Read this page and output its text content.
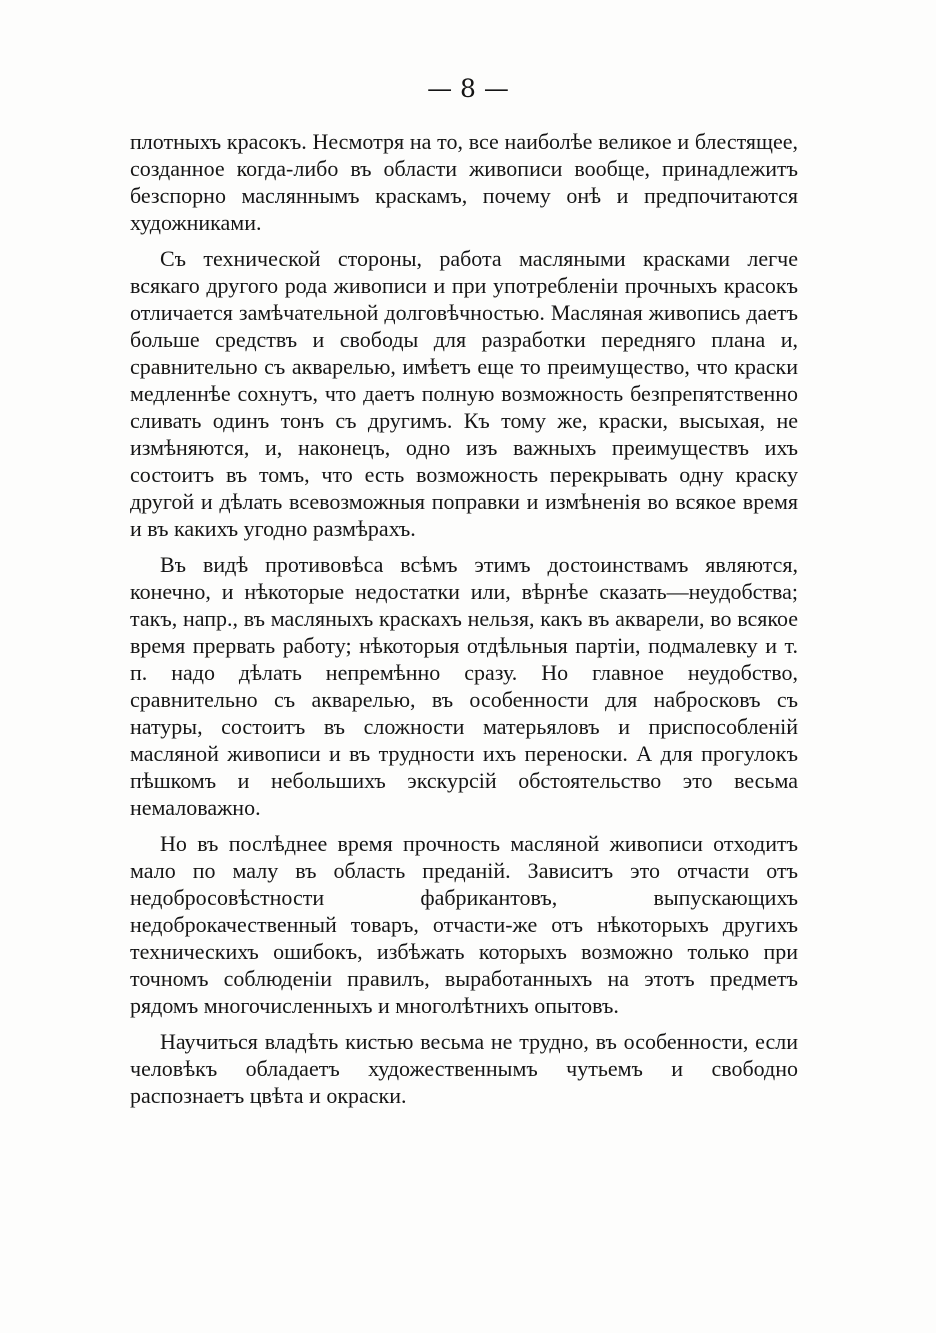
— 8 —

плотныхъ красокъ. Несмотря на то, все наиболѣе великое и блестящее, созданное когда-либо въ области живописи вообще, принадлежитъ безспорно масляннымъ краскамъ, почему онѣ и предпочитаются художниками.

Съ технической стороны, работа масляными красками легче всякаго другого рода живописи и при употребленіи прочныхъ красокъ отличается замѣчательной долговѣчностью. Масляная живопись даетъ больше средствъ и свободы для разработки передняго плана и, сравнительно съ акварелью, имѣетъ еще то преимущество, что краски медленнѣе сохнутъ, что даетъ полную возможность безпрепятственно сливать одинъ тонъ съ другимъ. Къ тому же, краски, высыхая, не измѣняются, и, наконецъ, одно изъ важныхъ преимуществъ ихъ состоитъ въ томъ, что есть возможность перекрывать одну краску другой и дѣлать всевозможныя поправки и измѣненія во всякое время и въ какихъ угодно размѣрахъ.

Въ видѣ противовѣса всѣмъ этимъ достоинствамъ являются, конечно, и нѣкоторые недостатки или, вѣрнѣе сказать—неудобства; такъ, напр., въ масляныхъ краскахъ нельзя, какъ въ акварели, во всякое время прервать работу; нѣкоторыя отдѣльныя партіи, подмалевку и т. п. надо дѣлать непремѣнно сразу. Но главное неудобство, сравнительно съ акварелью, въ особенности для набросковъ съ натуры, состоитъ въ сложности матерьяловъ и приспособленій масляной живописи и въ трудности ихъ переноски. А для прогулокъ пѣшкомъ и небольшихъ экскурсій обстоятельство это весьма немаловажно.

Но въ послѣднее время прочность масляной живописи отходитъ мало по малу въ область преданій. Зависитъ это отчасти отъ недобросовѣстности фабрикантовъ, выпускающихъ недоброкачественный товаръ, отчасти-же отъ нѣкоторыхъ другихъ техническихъ ошибокъ, избѣжать которыхъ возможно только при точномъ соблюденіи правилъ, выработанныхъ на этотъ предметъ рядомъ многочисленныхъ и многолѣтнихъ опытовъ.

Научиться владѣть кистью весьма не трудно, въ особенности, если человѣкъ обладаетъ художественнымъ чутьемъ и свободно распознаетъ цвѣта и окраски.
